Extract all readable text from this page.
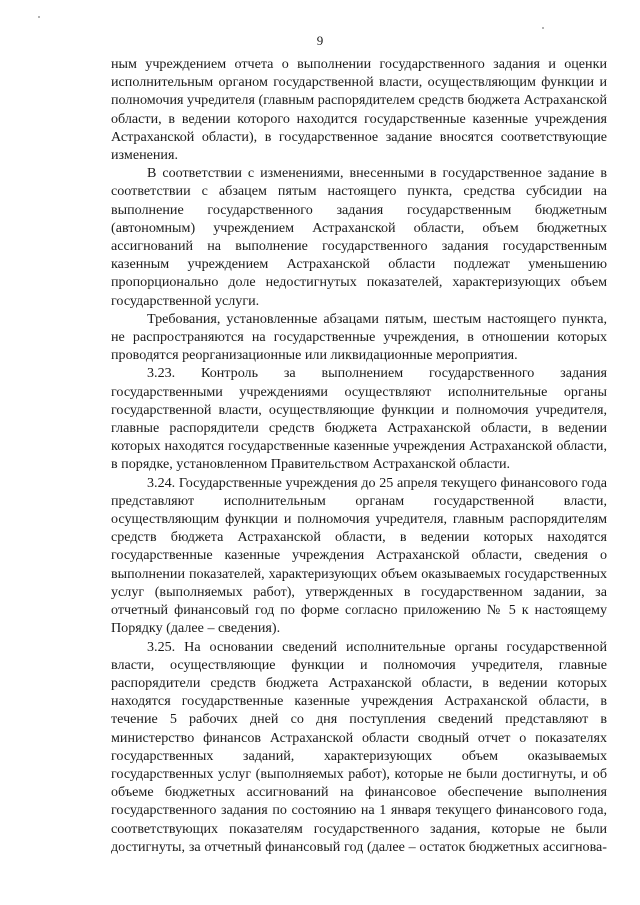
9

ным учреждением отчета о выполнении государственного задания и оценки исполнительным органом государственной власти, осуществляющим функции и полномочия учредителя (главным распорядителем средств бюджета Астраханской области, в ведении которого находится государственные казенные учреждения Астраханской области), в государственное задание вносятся соответствующие изменения.

В соответствии с изменениями, внесенными в государственное задание в соответствии с абзацем пятым настоящего пункта, средства субсидии на выполнение государственного задания государственным бюджетным (автономным) учреждением Астраханской области, объем бюджетных ассигнований на выполнение государственного задания государственным казенным учреждением Астраханской области подлежат уменьшению пропорционально доле недостигнутых показателей, характеризующих объем государственной услуги.

Требования, установленные абзацами пятым, шестым настоящего пункта, не распространяются на государственные учреждения, в отношении которых проводятся реорганизационные или ликвидационные мероприятия.

3.23. Контроль за выполнением государственного задания государственными учреждениями осуществляют исполнительные органы государственной власти, осуществляющие функции и полномочия учредителя, главные распорядители средств бюджета Астраханской области, в ведении которых находятся государственные казенные учреждения Астраханской области, в порядке, установленном Правительством Астраханской области.

3.24. Государственные учреждения до 25 апреля текущего финансового года представляют исполнительным органам государственной власти, осуществляющим функции и полномочия учредителя, главным распорядителям средств бюджета Астраханской области, в ведении которых находятся государственные казенные учреждения Астраханской области, сведения о выполнении показателей, характеризующих объем оказываемых государственных услуг (выполняемых работ), утвержденных в государственном задании, за отчетный финансовый год по форме согласно приложению № 5 к настоящему Порядку (далее – сведения).

3.25. На основании сведений исполнительные органы государственной власти, осуществляющие функции и полномочия учредителя, главные распорядители средств бюджета Астраханской области, в ведении которых находятся государственные казенные учреждения Астраханской области, в течение 5 рабочих дней со дня поступления сведений представляют в министерство финансов Астраханской области сводный отчет о показателях государственных заданий, характеризующих объем оказываемых государственных услуг (выполняемых работ), которые не были достигнуты, и об объеме бюджетных ассигнований на финансовое обеспечение выполнения государственного задания по состоянию на 1 января текущего финансового года, соответствующих показателям государственного задания, которые не были достигнуты, за отчетный финансовый год (далее – остаток бюджетных ассигнова-
